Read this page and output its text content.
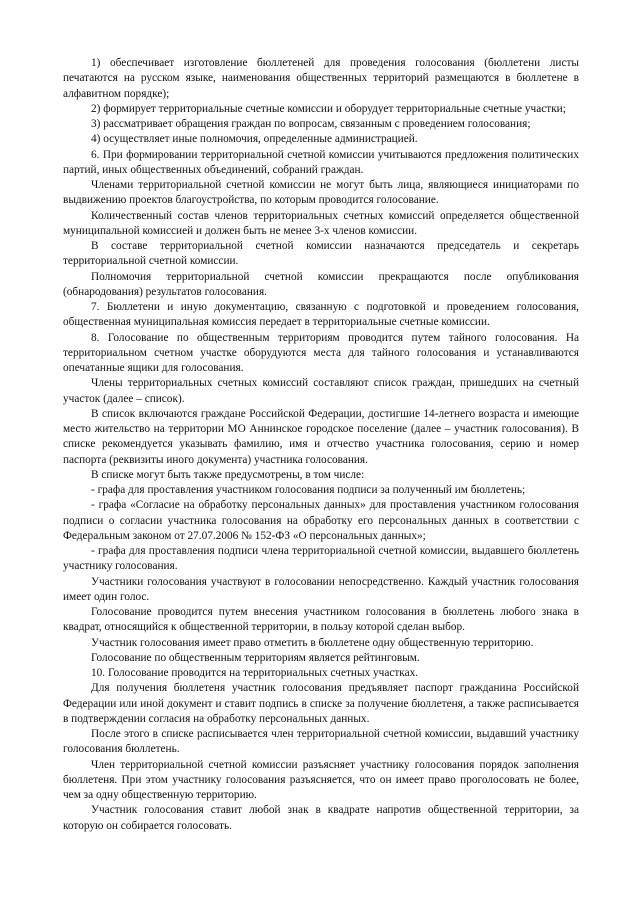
1) обеспечивает изготовление бюллетеней для проведения голосования (бюллетени листы печатаются на русском языке, наименования общественных территорий размещаются в бюллетене в алфавитном порядке);

2) формирует территориальные счетные комиссии и оборудует территориальные счетные участки;

3) рассматривает обращения граждан по вопросам, связанным с проведением голосования;

4) осуществляет иные полномочия, определенные администрацией.

6. При формировании территориальной счетной комиссии учитываются предложения политических партий, иных общественных объединений, собраний граждан.

Членами территориальной счетной комиссии не могут быть лица, являющиеся инициаторами по выдвижению проектов благоустройства, по которым проводится голосование.

Количественный состав членов территориальных счетных комиссий определяется общественной муниципальной комиссией и должен быть не менее 3-х членов комиссии.

В составе территориальной счетной комиссии назначаются председатель и секретарь территориальной счетной комиссии.

Полномочия территориальной счетной комиссии прекращаются после опубликования (обнародования) результатов голосования.

7. Бюллетени и иную документацию, связанную с подготовкой и проведением голосования, общественная муниципальная комиссия передает в территориальные счетные комиссии.

8. Голосование по общественным территориям проводится путем тайного голосования. На территориальном счетном участке оборудуются места для тайного голосования и устанавливаются опечатанные ящики для голосования.

Члены территориальных счетных комиссий составляют список граждан, пришедших на счетный участок (далее – список).

В список включаются граждане Российской Федерации, достигшие 14-летнего возраста и имеющие место жительство на территории МО Аннинское городское поселение (далее – участник голосования). В списке рекомендуется указывать фамилию, имя и отчество участника голосования, серию и номер паспорта (реквизиты иного документа) участника голосования.

В списке могут быть также предусмотрены, в том числе:

- графа для проставления участником голосования подписи за полученный им бюллетень;

- графа «Согласие на обработку персональных данных» для проставления участником голосования подписи о согласии участника голосования на обработку его персональных данных в соответствии с Федеральным законом от 27.07.2006 № 152-ФЗ «О персональных данных»;

- графа для проставления подписи члена территориальной счетной комиссии, выдавшего бюллетень участнику голосования.

Участники голосования участвуют в голосовании непосредственно. Каждый участник голосования имеет один голос.

Голосование проводится путем внесения участником голосования в бюллетень любого знака в квадрат, относящийся к общественной территории, в пользу которой сделан выбор.

Участник голосования имеет право отметить в бюллетене одну общественную территорию.

Голосование по общественным территориям является рейтинговым.

10. Голосование проводится на территориальных счетных участках.

Для получения бюллетеня участник голосования предъявляет паспорт гражданина Российской Федерации или иной документ и ставит подпись в списке за получение бюллетеня, а также расписывается в подтверждении согласия на обработку персональных данных.

После этого в списке расписывается член территориальной счетной комиссии, выдавший участнику голосования бюллетень.

Член территориальной счетной комиссии разъясняет участнику голосования порядок заполнения бюллетеня. При этом участнику голосования разъясняется, что он имеет право проголосовать не более, чем за одну общественную территорию.

Участник голосования ставит любой знак в квадрате напротив общественной территории, за которую он собирается голосовать.
